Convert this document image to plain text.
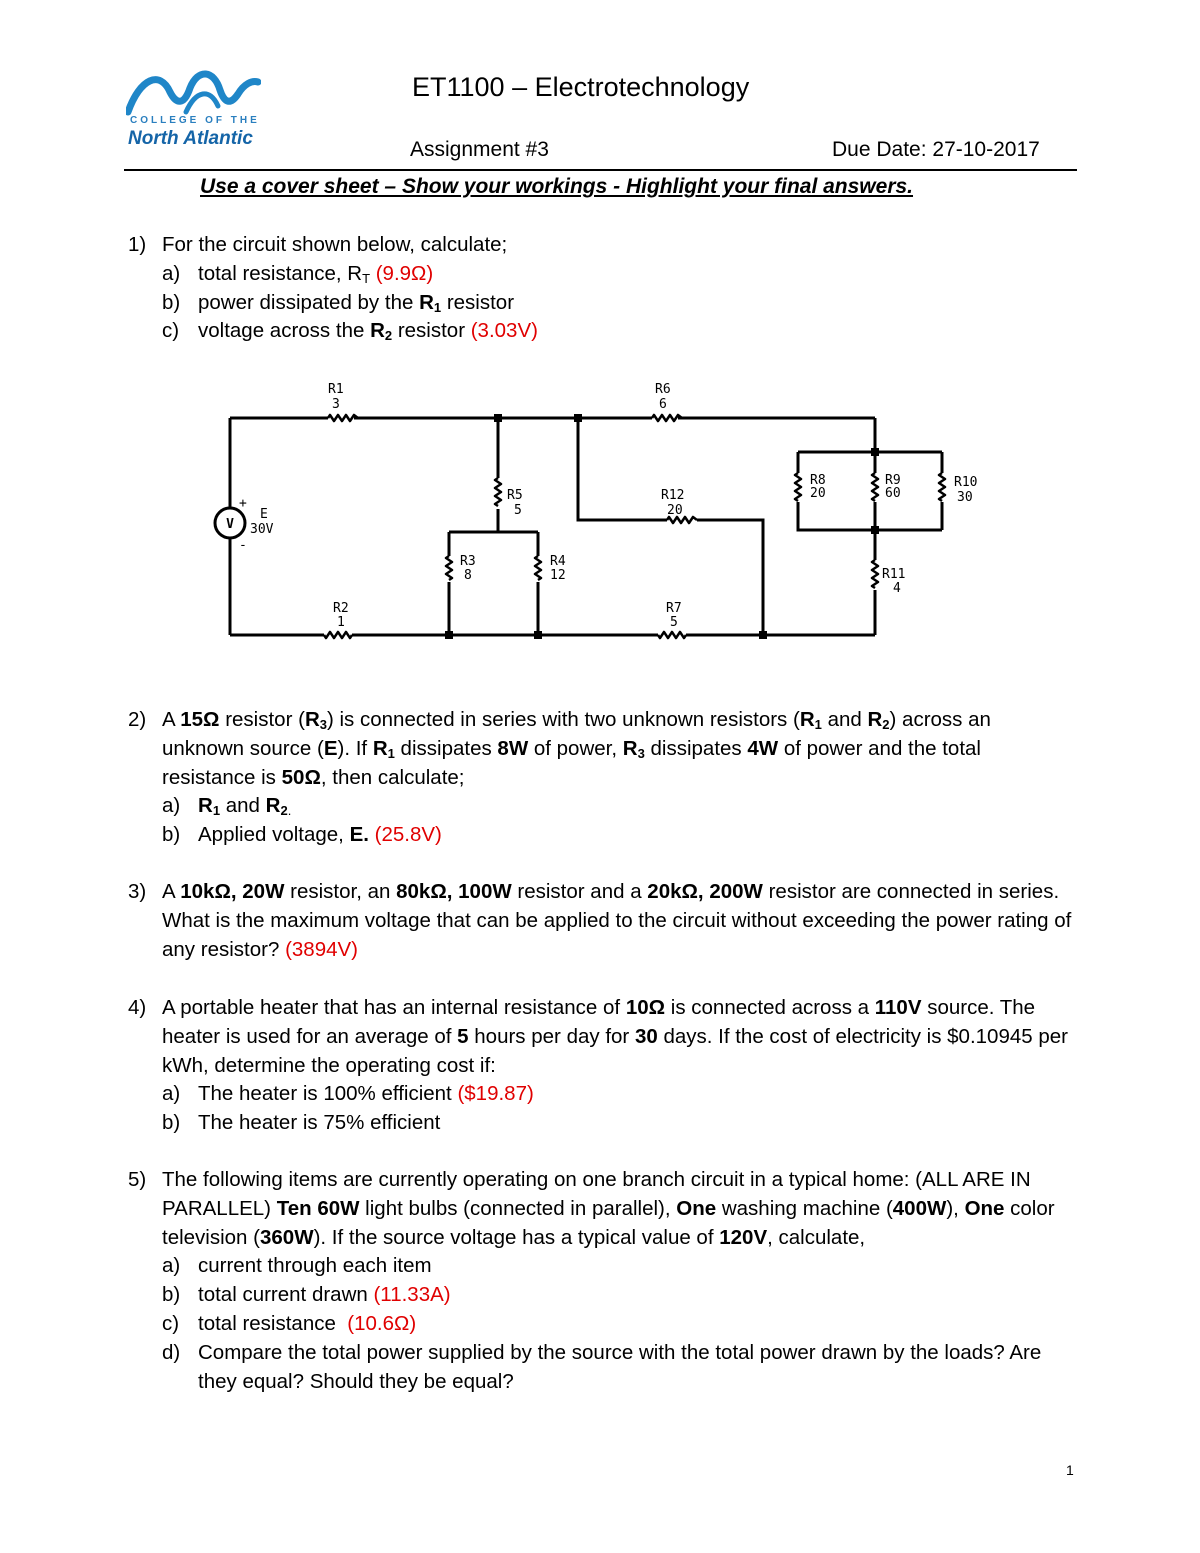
COLLEGE OF THE
North Atlantic
ET1100 – Electrotechnology
Assignment #3	Due Date: 27-10-2017
Use a cover sheet – Show your workings - Highlight your final answers.
1) For the circuit shown below, calculate;
a) total resistance, $R_T$ (9.9Ω)
b) power dissipated by the $R_1$ resistor
c) voltage across the $R_2$ resistor (3.03V)
V
+
-
E
30V
R1
3
R6
6
R5
5
R12
20
R8
20
R9
60
R10
30
R3
8
R4
12	R11
4
R2
1
R7
5
2) A 15Ω resistor $(R_3)$ is connected in series with two unknown resistors ($R_1$ and $R_2$) across an unknown source (E). If $R_1$ dissipates 8W of power, $R_3$ dissipates 4W of power and the total resistance is 50Ω, then calculate;
a) $R_1$ and $R_{2.}$
b) Applied voltage, E. (25.8V)
3) A 10kΩ, 20W resistor, an 80kΩ, 100W resistor and a 20kΩ, 200W resistor are connected in series. What is the maximum voltage that can be applied to the circuit without exceeding the power rating of any resistor? (3894V)
4) A portable heater that has an internal resistance of 10Ω is connected across a 110V source. The heater is used for an average of 5 hours per day for 30 days. If the cost of electricity is $0.10945 per kWh, determine the operating cost if:
a) The heater is 100% efficient ($19.87)
b) The heater is 75% efficient
5) The following items are currently operating on one branch circuit in a typical home: (ALL ARE IN PARALLEL) Ten 60W light bulbs (connected in parallel), One washing machine (400W), One color television (360W). If the source voltage has a typical value of 120V, calculate,
a) current through each item
b) total current drawn (11.33A)
c) total resistance  (10.6Ω)
d) Compare the total power supplied by the source with the total power drawn by the loads? Are they equal? Should they be equal?
1
